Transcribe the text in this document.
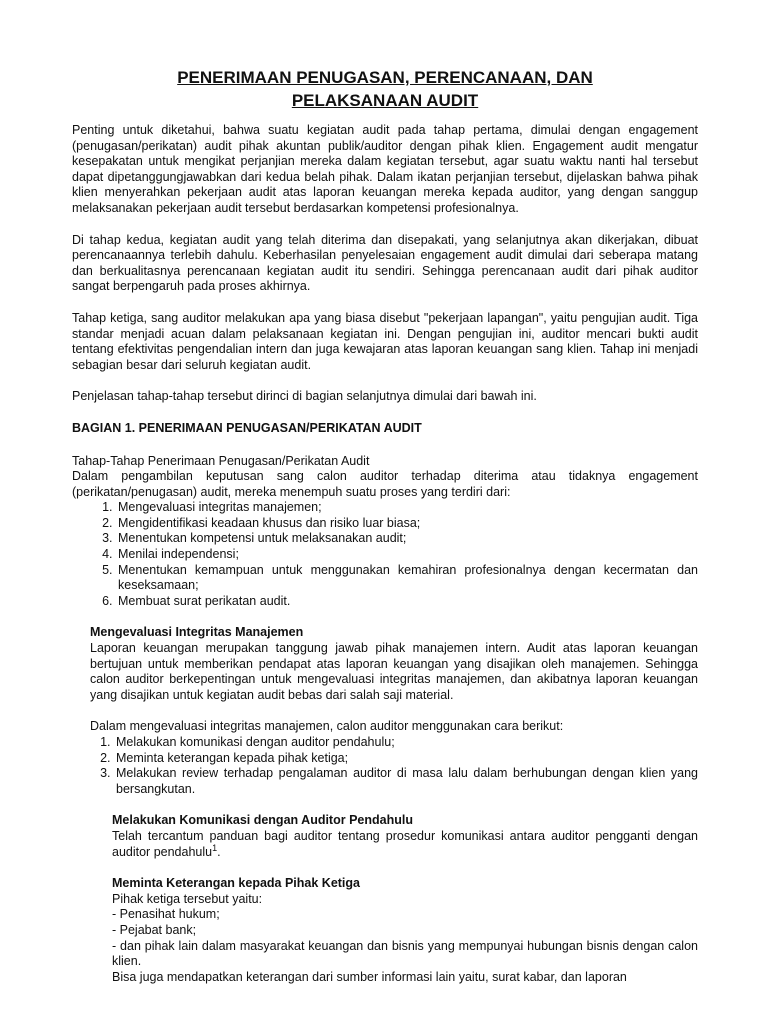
PENERIMAAN PENUGASAN, PERENCANAAN, DAN
PELAKSANAAN AUDIT

Penting untuk diketahui, bahwa suatu kegiatan audit pada tahap pertama, dimulai dengan engagement (penugasan/perikatan) audit pihak akuntan publik/auditor dengan pihak klien. Engagement audit mengatur kesepakatan untuk mengikat perjanjian mereka dalam kegiatan tersebut, agar suatu waktu nanti hal tersebut dapat dipetanggungjawabkan dari kedua belah pihak. Dalam ikatan perjanjian tersebut, dijelaskan bahwa pihak klien menyerahkan pekerjaan audit atas laporan keuangan mereka kepada auditor, yang dengan sanggup melaksanakan pekerjaan audit tersebut berdasarkan kompetensi profesionalnya.

Di tahap kedua, kegiatan audit yang telah diterima dan disepakati, yang selanjutnya akan dikerjakan, dibuat perencanaannya terlebih dahulu. Keberhasilan penyelesaian engagement audit dimulai dari seberapa matang dan berkualitasnya perencanaan kegiatan audit itu sendiri. Sehingga perencanaan audit dari pihak auditor sangat berpengaruh pada proses akhirnya.

Tahap ketiga, sang auditor melakukan apa yang biasa disebut "pekerjaan lapangan", yaitu pengujian audit. Tiga standar menjadi acuan dalam pelaksanaan kegiatan ini. Dengan pengujian ini, auditor mencari bukti audit tentang efektivitas pengendalian intern dan juga kewajaran atas laporan keuangan sang klien. Tahap ini menjadi sebagian besar dari seluruh kegiatan audit.

Penjelasan tahap-tahap tersebut dirinci di bagian selanjutnya dimulai dari bawah ini.

BAGIAN 1. PENERIMAAN PENUGASAN/PERIKATAN AUDIT

Tahap-Tahap Penerimaan Penugasan/Perikatan Audit

Dalam pengambilan keputusan sang calon auditor terhadap diterima atau tidaknya engagement (perikatan/penugasan) audit, mereka menempuh suatu proses yang terdiri dari:

1. Mengevaluasi integritas manajemen;
2. Mengidentifikasi keadaan khusus dan risiko luar biasa;
3. Menentukan kompetensi untuk melaksanakan audit;
4. Menilai independensi;
5. Menentukan kemampuan untuk menggunakan kemahiran profesionalnya dengan kecermatan dan keseksamaan;
6. Membuat surat perikatan audit.

Mengevaluasi Integritas Manajemen

Laporan keuangan merupakan tanggung jawab pihak manajemen intern. Audit atas laporan keuangan bertujuan untuk memberikan pendapat atas laporan keuangan yang disajikan oleh manajemen. Sehingga calon auditor berkepentingan untuk mengevaluasi integritas manajemen, dan akibatnya laporan keuangan yang disajikan untuk kegiatan audit bebas dari salah saji material.

Dalam mengevaluasi integritas manajemen, calon auditor menggunakan cara berikut:

1. Melakukan komunikasi dengan auditor pendahulu;
2. Meminta keterangan kepada pihak ketiga;
3. Melakukan review terhadap pengalaman auditor di masa lalu dalam berhubungan dengan klien yang bersangkutan.

Melakukan Komunikasi dengan Auditor Pendahulu

Telah tercantum panduan bagi auditor tentang prosedur komunikasi antara auditor pengganti dengan auditor pendahulu$^1$.

Meminta Keterangan kepada Pihak Ketiga

Pihak ketiga tersebut yaitu:

- Penasihat hukum;

- Pejabat bank;

- dan pihak lain dalam masyarakat keuangan dan bisnis yang mempunyai hubungan bisnis dengan calon klien.

Bisa juga mendapatkan keterangan dari sumber informasi lain yaitu, surat kabar, dan laporan
